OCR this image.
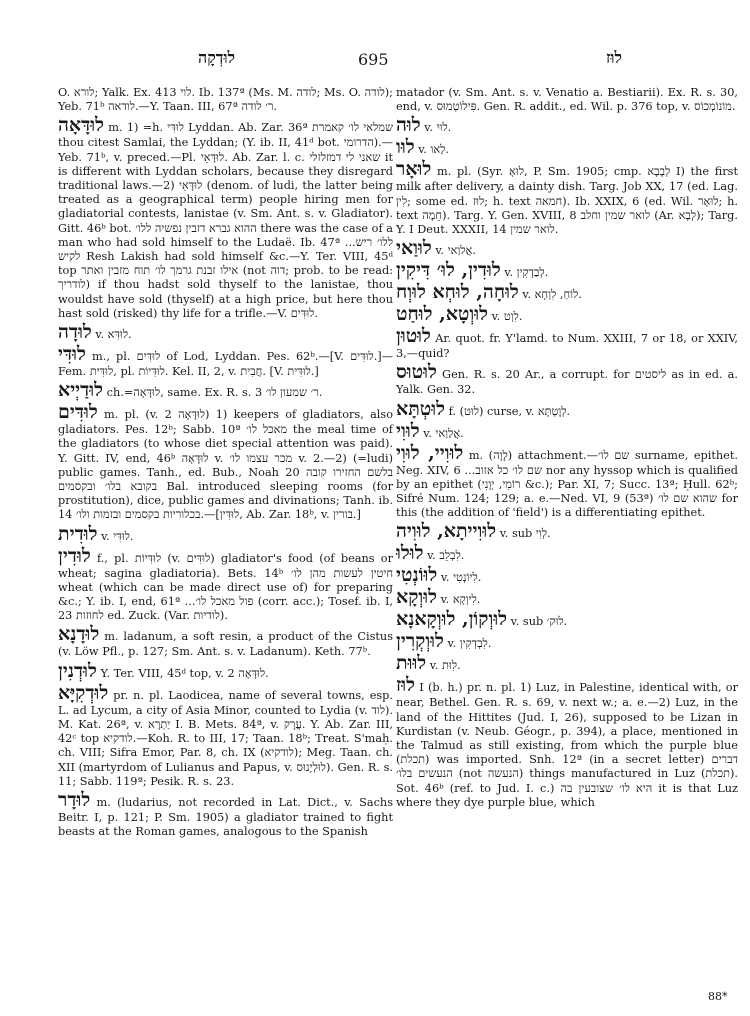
לוּדְקָה	695	לוּז

O. לורא; Yalk. Ex. 413 לוי. Ib. 137ª (Ms. M. לודה; Ms. O. לודה); Yeb. 71ᵇ לודאה.—Y. Taan. III, 67ª ר׳ לודה.

לוּדָּאָה m. 1) =h. לוּדִּי Lyddan. Ab. Zar. 36ª שמלאי לו׳ קאמרת thou citest Samlai, the Lyddan; (Y. ib. II, 41ᵈ bot. הדרומי).—Yeb. 71ᵇ, v. preced.—Pl. לוּדָּאֵי. Ab. Zar. l. c. שאני לי דמזלזלי it is different with Lyddan scholars, because they disregard traditional laws.—2) לוּדָּאֵי (denom. of ludi, the latter being treated as a geographical term) people hiring men for gladiatorial contests, lanistae (v. Sm. Ant. s. v. Gladiator). Gitt. 46ᵇ bot. ההוא גברא דזבין נפשיה ללו׳ there was the case of a man who had sold himself to the Ludaë. Ib. 47ª ...ללו׳ ריש לקיש Resh Lakish had sold himself &c.—Y. Ter. VIII, 45ᵈ top אילו זבנת גרמך לו׳ תוח מזבין ואתר (not דוה; prob. to be read: לודריך) if thou hadst sold thyself to the lanistae, thou wouldst have sold (thyself) at a high price, but here thou hast sold (risked) thy life for a trifle.—V. לוּדִּים.

לוּדָה v. לוּדִּא.

לוּדִּי m., pl. לוּדִּים of Lod, Lyddan. Pes. 62ᵇ.—[V. לוּדִּים.]—Fem. לוּדִּית, pl. לוּדִּיוֹת. Kel. II, 2, v. חֲבִית. [V. לוּדִּית.]

לוּדַיְיא ch.=לוּדָּאָה, same. Ex. R. s. 3 ר׳ שמעון לו׳.

לוּדִּים m. pl. (v. לוּדָּאָה 2) 1) keepers of gladiators, also gladiators. Pes. 12ᵇ; Sabb. 10ª מאכל לו׳ the meal time of the gladiators (to whose diet special attention was paid). Y. Gitt. IV, end, 46ᵇ לוּדָּאָה v. מכר עצמו לו׳ v. 2.—2) (=ludi) public games. Tanh., ed. Bub., Noah 20 בלשם החזירו קובה בקובא בלו׳ ובקסמים Bal. introduced sleeping rooms (for prostitution), dice, public games and divinations; Tanh. ib. 14 בכלוריות בקסמים ובזמות ולו׳.—[לוּדִּין, Ab. Zar. 18ᵇ, v. בורין.]

לוּדִית v. לוּדִּי.

לוּדִין f., pl. לוּדִּיוֹת (v. לוּדִּים) gladiator's food (of beans or wheat; sagina gladiatoria). Bets. 14ᵇ חיטין לעשות מהן לו׳ wheat (which can be made direct use of) for preparing &c.; Y. ib. I, end, 61ª ...פול מאכל לו׳ (corr. acc.); Tosef. ib. I, 23 לחוזות ed. Zuck. (Var. לודיות).

לוּדָנָא m. ladanum, a soft resin, a product of the Cistus (v. Löw Pfl., p. 127; Sm. Ant. s. v. Ladanum). Keth. 77ᵇ.

לוּדְנִין Y. Ter. VIII, 45ᵈ top, v. לוּדָּאָה 2.

לוּדְקִיָּא pr. n. pl. Laodicea, name of several towns, esp. L. ad Lycum, a city of Asia Minor, counted to Lydia (v. לוד). M. Kat. 26ª, v. יַתְרָא I. B. Mets. 84ª, v. עֲרָק. Y. Ab. Zar. III, 42ᶜ top לודקיא.—Koh. R. to III, 17; Taan. 18ᵇ; Treat. S'maḥ. ch. VIII; Sifra Emor, Par. 8, ch. IX (לודקיא); Meg. Taan. ch. XII (martyrdom of Lulianus and Papus, v. לוּלְיָנוּס). Gen. R. s. 11; Sabb. 119ª; Pesik. R. s. 23.

לוּדָר m. (ludarius, not recorded in Lat. Dict., v. Sachs Beitr. I, p. 121; P. Sm. 1905) a gladiator trained to fight beasts at the Roman games, analogous to the Spanish

matador (v. Sm. Ant. s. v. Venatio a. Bestiarii). Ex. R. s. 30, end, v. פִּילוֹטְמוּס. Gen. R. addit., ed. Wil. p. 376 top, v. מוֹנוֹמְכוֹס.

לוּה v. לוּי.

לוּו v. לַאו.

לוּאָר m. pl. (Syr. לוּאָ, P. Sm. 1905; cmp. לְבָבָא I) the first milk after delivery, a dainty dish. Targ. Job XX, 17 (ed. Lag. לִין; some ed. לוּז; h. text חמאה). Ib. XXIX, 6 (ed. Wil. לוּאָר; h. text חֵמָה). Targ. Y. Gen. XVIII, 8 לואר שמין וחלב (Ar. לְבָא); Targ. Y. I Deut. XXXII, 14 לואר שמין.

לוּוַאי v. אֲלוַאי.

לוּדִין, לוּ׳ דִּיקִין v. לְבַדְקִין.

לוּחָה, לוּחְא לוּוְח v. לוֹחַ, לִוְחָא.

לוּוְטָא, לוּחַט v. לִוְט.

לוּטוּן Ar. quot. fr. Y'lamd. to Num. XXIII, 7 or 18, or XXIV, 3,—quid?

לוּטוּס Gen. R. s. 20 Ar., a corrupt. for ליסטים as in ed. a. Yalk. Gen. 32.

לוּטְתָּא f. (לוּט) curse, v. לְוָטְתָּא.

לוּוִי v. אֲלַוַאי.

לוּוִיי, לוּוִי m. (לָוָה) attachment.—שם לו׳ surname, epithet. Neg. XIV, 6 ...שם לו׳ כל אזוב nor any hyssop which is qualified by an epithet (רוֹמִי, יְוָנִי &c.); Par. XI, 7; Succ. 13ª; Ḥull. 62ᵇ; Sifré Num. 124; 129; a. e.—Ned. VI, 9 (53ª) שהוא שם לו׳ for this (the addition of 'field') is a differentiating epithet.

לוּוִייתָא, לוּוִיה v. sub לְוִי.

לוּלוּ v. לִבְלֵב.

לוּוֹנְטִי v. לִיוֹנְטִי.

לוּוְקָא v. לִיוְקָא.

לוּוְקוֹן, לוּוְקָאנָא v. sub לוּק׳.

לוּוְקְרִין v. לִבְדְקִין.

לוּוּת v. לִוּת.

לוּז I (b. h.) pr. n. pl. 1) Luz, in Palestine, identical with, or near, Bethel. Gen. R. s. 69, v. next w.; a. e.—2) Luz, in the land of the Hittites (Jud. I, 26), supposed to be Lizan in Kurdistan (v. Neub. Géogr., p. 394), a place, mentioned in the Talmud as still existing, from which the purple blue (תכלת) was imported. Snh. 12ª (in a secret letter) דברים הנעשים בלו׳ (not הנעשה) things manufactured in Luz (תכלת). Sot. 46ᵇ (ref. to Jud. I. c.) היא לו׳ שצובעין בה it is that Luz where they dye purple blue, which

88*
